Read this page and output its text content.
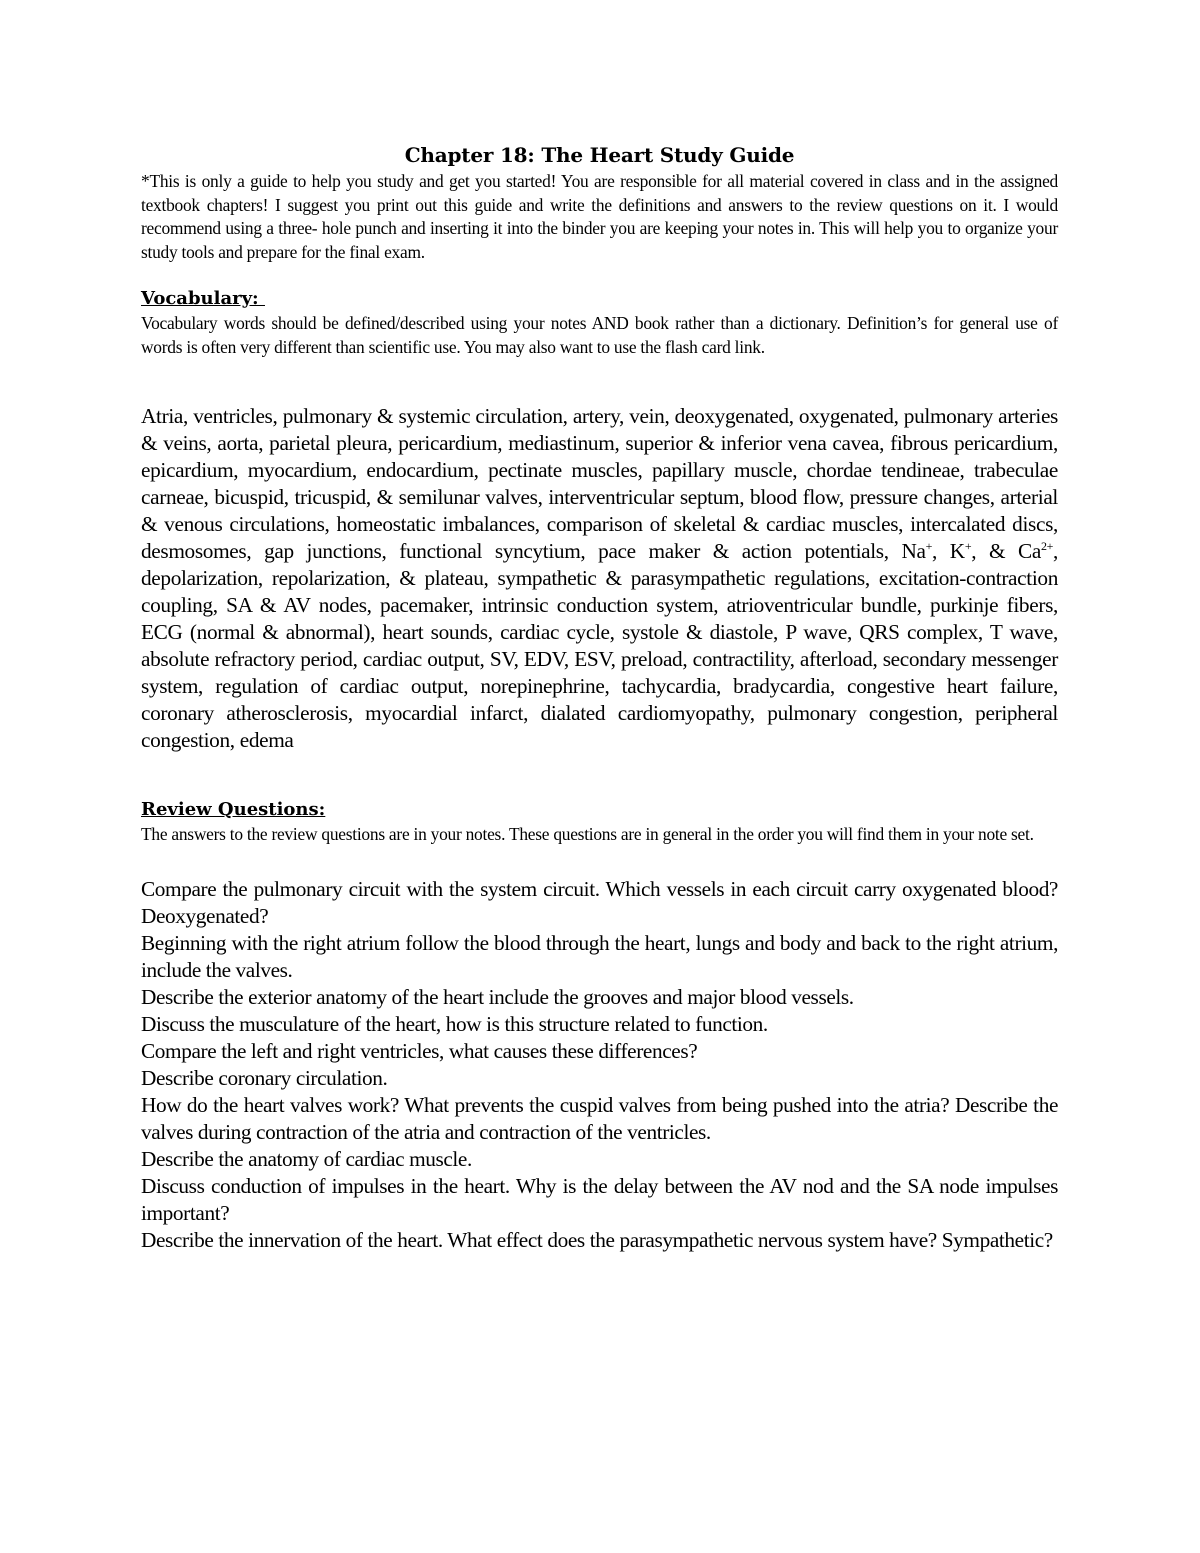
Chapter 18: The Heart Study Guide

*This is only a guide to help you study and get you started! You are responsible for all material covered in class and in the assigned textbook chapters! I suggest you print out this guide and write the definitions and answers to the review questions on it. I would recommend using a three- hole punch and inserting it into the binder you are keeping your notes in. This will help you to organize your study tools and prepare for the final exam.

Vocabulary:

Vocabulary words should be defined/described using your notes AND book rather than a dictionary. Definition’s for general use of words is often very different than scientific use. You may also want to use the flash card link.

Atria, ventricles, pulmonary & systemic circulation, artery, vein, deoxygenated, oxygenated, pulmonary arteries & veins, aorta, parietal pleura, pericardium, mediastinum, superior & inferior vena cavea, fibrous pericardium, epicardium, myocardium, endocardium, pectinate muscles, papillary muscle, chordae tendineae, trabeculae carneae, bicuspid, tricuspid, & semilunar valves, interventricular septum, blood flow, pressure changes, arterial & venous circulations, homeostatic imbalances, comparison of skeletal & cardiac muscles, intercalated discs, desmosomes, gap junctions, functional syncytium, pace maker & action potentials, Na+, K+, & $Ca^{2+}$, depolarization, repolarization, & plateau, sympathetic & parasympathetic regulations, excitation-contraction coupling, SA & AV nodes, pacemaker, intrinsic conduction system, atrioventricular bundle, purkinje fibers, ECG (normal & abnormal), heart sounds, cardiac cycle, systole & diastole, P wave, QRS complex, T wave, absolute refractory period, cardiac output, SV, EDV, ESV, preload, contractility, afterload, secondary messenger system, regulation of cardiac output, norepinephrine, tachycardia, bradycardia, congestive heart failure, coronary atherosclerosis, myocardial infarct, dialated cardiomyopathy, pulmonary congestion, peripheral congestion, edema

Review Questions:

The answers to the review questions are in your notes. These questions are in general in the order you will find them in your note set.

Compare the pulmonary circuit with the system circuit. Which vessels in each circuit carry oxygenated blood? Deoxygenated?
Beginning with the right atrium follow the blood through the heart, lungs and body and back to the right atrium, include the valves.
Describe the exterior anatomy of the heart include the grooves and major blood vessels.
Discuss the musculature of the heart, how is this structure related to function.
Compare the left and right ventricles, what causes these differences?
Describe coronary circulation.
How do the heart valves work? What prevents the cuspid valves from being pushed into the atria? Describe the valves during contraction of the atria and contraction of the ventricles.
Describe the anatomy of cardiac muscle.
Discuss conduction of impulses in the heart. Why is the delay between the AV nod and the SA node impulses important?
Describe the innervation of the heart. What effect does the parasympathetic nervous system have? Sympathetic?
